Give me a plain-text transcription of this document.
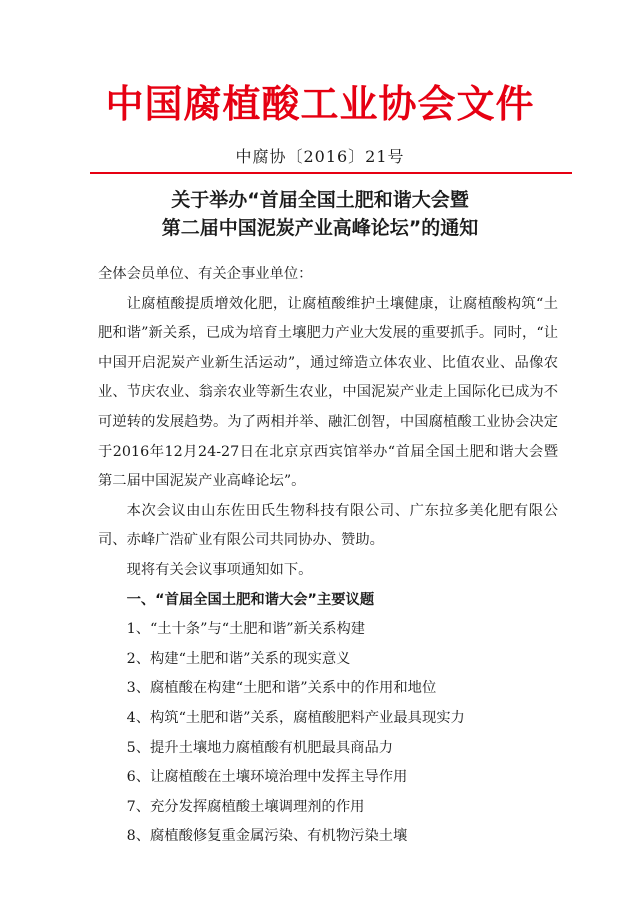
中国腐植酸工业协会文件
中腐协〔2016〕21号
关于举办“首届全国土肥和谐大会暨
第二届中国泥炭产业高峰论坛”的通知

全体会员单位、有关企事业单位：

让腐植酸提质增效化肥，让腐植酸维护土壤健康，让腐植酸构筑“土肥和谐”新关系，已成为培育土壤肥力产业大发展的重要抓手。同时，“让中国开启泥炭产业新生活运动”，通过缔造立体农业、比值农业、品像农业、节庆农业、翁亲农业等新生农业，中国泥炭产业走上国际化已成为不可逆转的发展趋势。为了两相并举、融汇创智，中国腐植酸工业协会决定于2016年12月24-27日在北京京西宾馆举办“首届全国土肥和谐大会暨第二届中国泥炭产业高峰论坛”。

本次会议由山东佐田氏生物科技有限公司、广东拉多美化肥有限公司、赤峰广浩矿业有限公司共同协办、赞助。

现将有关会议事项通知如下。

一、“首届全国土肥和谐大会”主要议题

1、“土十条”与“土肥和谐”新关系构建
2、构建“土肥和谐”关系的现实意义
3、腐植酸在构建“土肥和谐”关系中的作用和地位
4、构筑“土肥和谐”关系，腐植酸肥料产业最具现实力
5、提升土壤地力腐植酸有机肥最具商品力
6、让腐植酸在土壤环境治理中发挥主导作用
7、充分发挥腐植酸土壤调理剂的作用
8、腐植酸修复重金属污染、有机物污染土壤
